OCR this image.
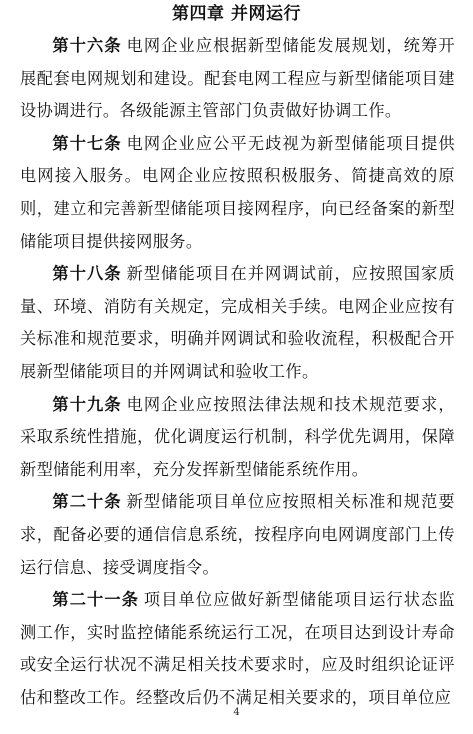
第四章 并网运行

第十六条 电网企业应根据新型储能发展规划，统筹开展配套电网规划和建设。配套电网工程应与新型储能项目建设协调进行。各级能源主管部门负责做好协调工作。

第十七条 电网企业应公平无歧视为新型储能项目提供电网接入服务。电网企业应按照积极服务、简捷高效的原则，建立和完善新型储能项目接网程序，向已经备案的新型储能项目提供接网服务。

第十八条 新型储能项目在并网调试前，应按照国家质量、环境、消防有关规定，完成相关手续。电网企业应按有关标准和规范要求，明确并网调试和验收流程，积极配合开展新型储能项目的并网调试和验收工作。

第十九条 电网企业应按照法律法规和技术规范要求，采取系统性措施，优化调度运行机制，科学优先调用，保障新型储能利用率，充分发挥新型储能系统作用。

第二十条 新型储能项目单位应按照相关标准和规范要求，配备必要的通信信息系统，按程序向电网调度部门上传运行信息、接受调度指令。

第二十一条 项目单位应做好新型储能项目运行状态监测工作，实时监控储能系统运行工况，在项目达到设计寿命或安全运行状况不满足相关技术要求时，应及时组织论证评估和整改工作。经整改后仍不满足相关要求的，项目单位应

4
